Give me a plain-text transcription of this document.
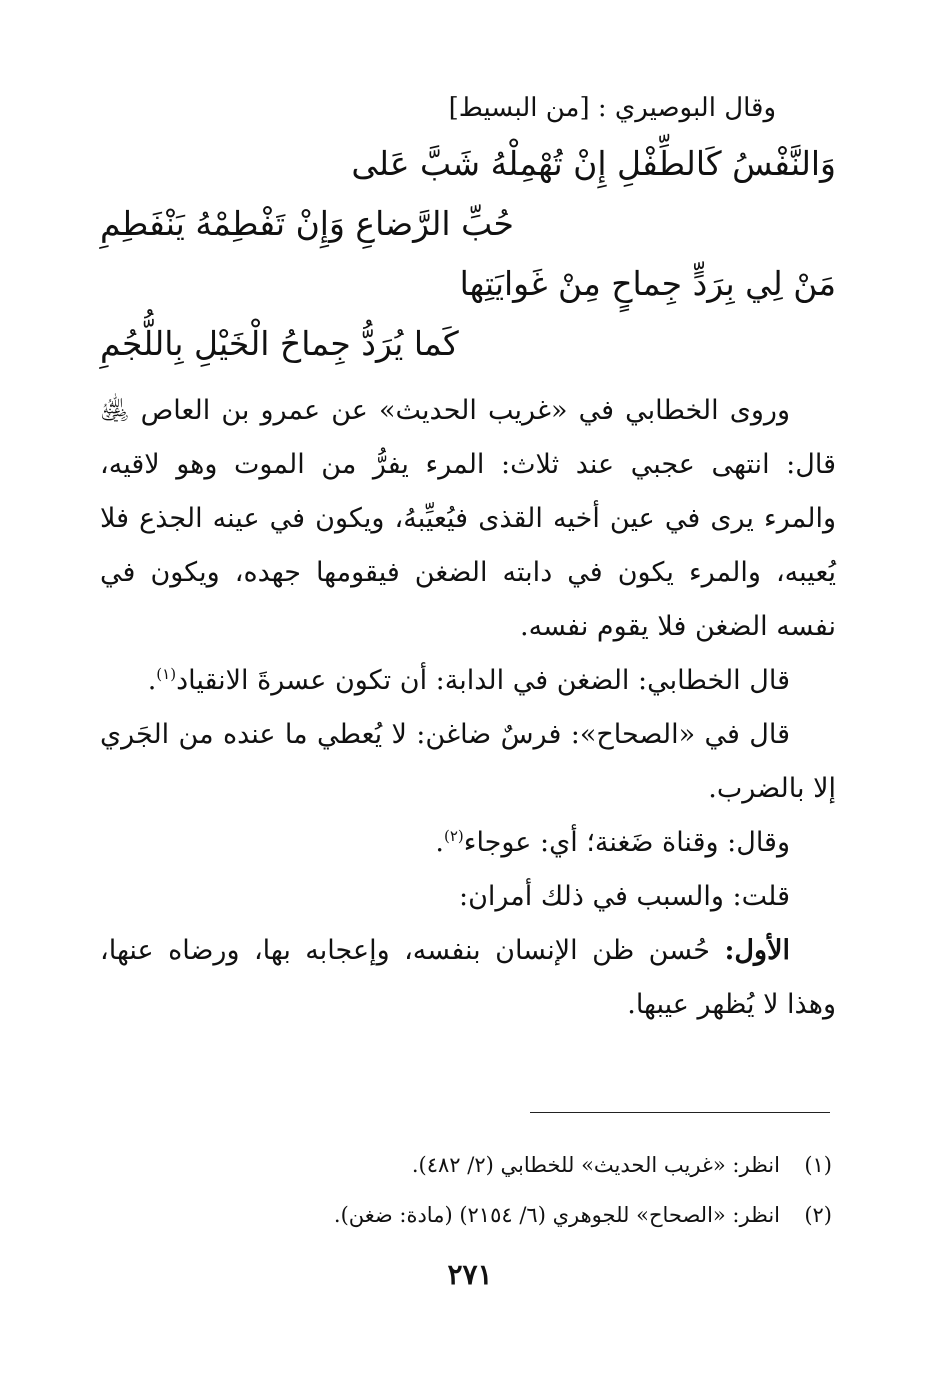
وقال البوصيري : [من البسيط]
وَالنَّفْسُ كَالطِّفْلِ إِنْ تُهْمِلْهُ شَبَّ عَلى
حُبِّ الرَّضاعِ وَإِنْ تَفْطِمْهُ يَنْفَطِمِ
مَنْ لِي بِرَدٍّ جِماحٍ مِنْ غَوايَتِها
كَما يُرَدُّ جِماحُ الْخَيْلِ بِاللُّجُمِ

وروى الخطابي في «غريب الحديث» عن عمرو بن العاص ﵁ قال: انتهى عجبي عند ثلاث: المرء يفرُّ من الموت وهو لاقيه، والمرء يرى في عين أخيه القذى فيُعيِّبهُ، ويكون في عينه الجذع فلا يُعيبه، والمرء يكون في دابته الضغن فيقومها جهده، ويكون في نفسه الضغن فلا يقوم نفسه.

قال الخطابي: الضغن في الدابة: أن تكون عسرةَ الانقياد$^{(١)}$.

قال في «الصحاح»: فرسٌ ضاغن: لا يُعطي ما عنده من الجَري إلا بالضرب.

وقال: وقناة ضَغنة؛ أي: عوجاء$^{(٢)}$.

قلت: والسبب في ذلك أمران:

الأول: حُسن ظن الإنسان بنفسه، وإعجابه بها، ورضاه عنها، وهذا لا يُظهر عيبها.

(١)
انظر: «غريب الحديث» للخطابي (٢/ ٤٨٢).
(٢)
انظر: «الصحاح» للجوهري (٦/ ٢١٥٤) (مادة: ضغن).
٢٧١
